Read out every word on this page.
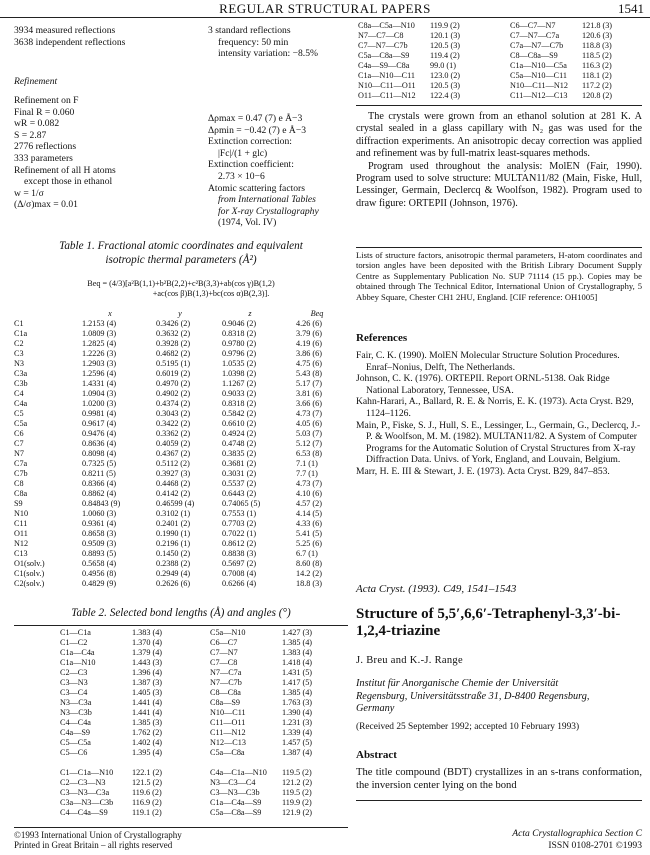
REGULAR STRUCTURAL PAPERS	1541
3934 measured reflections
3638 independent reflections
3 standard reflections
frequency: 50 min
intensity variation: −8.5%
Refinement
Refinement on F
Final R = 0.060
wR = 0.082
S = 2.87
2776 reflections
333 parameters
Refinement of all H atoms
except those in ethanol
w = 1/σ
(Δ/σ)max = 0.01
Δρmax = 0.47 (7) e Å−3
Δρmin = −0.42 (7) e Å−3
Extinction correction:
|Fc|/(1 + glc)
Extinction coefficient:
2.73 × 10−6
Atomic scattering factors
from International Tables
for X-ray Crystallography
(1974, Vol. IV)
Table 1. Fractional atomic coordinates and equivalent
isotropic thermal parameters (Å²)
Beq = (4/3)[a²B(1,1)+b²B(2,2)+c²B(3,3)+ab(cos γ)B(1,2)
+ac(cos β)B(1,3)+bc(cos α)B(2,3)].
	x	y	z	Beq
C1	1.2153 (4)	0.3426 (2)	0.9046 (2)	4.26 (6)
C1a	1.0809 (3)	0.3632 (2)	0.8318 (2)	3.79 (6)
C2	1.2825 (4)	0.3928 (2)	0.9780 (2)	4.19 (6)
C3	1.2226 (3)	0.4682 (2)	0.9796 (2)	3.86 (6)
N3	1.2903 (3)	0.5195 (1)	1.0535 (2)	4.75 (6)
C3a	1.2596 (4)	0.6019 (2)	1.0398 (2)	5.43 (8)
C3b	1.4331 (4)	0.4970 (2)	1.1267 (2)	5.17 (7)
C4	1.0904 (3)	0.4902 (2)	0.9033 (2)	3.81 (6)
C4a	1.0200 (3)	0.4374 (2)	0.8318 (2)	3.66 (6)
C5	0.9981 (4)	0.3043 (2)	0.5842 (2)	4.73 (7)
C5a	0.9617 (4)	0.3422 (2)	0.6610 (2)	4.05 (6)
C6	0.9476 (4)	0.3362 (2)	0.4924 (2)	5.03 (7)
C7	0.8636 (4)	0.4059 (2)	0.4748 (2)	5.12 (7)
N7	0.8098 (4)	0.4367 (2)	0.3835 (2)	6.53 (8)
C7a	0.7325 (5)	0.5112 (2)	0.3681 (2)	7.1 (1)
C7b	0.8211 (5)	0.3927 (3)	0.3031 (2)	7.7 (1)
C8	0.8366 (4)	0.4468 (2)	0.5537 (2)	4.73 (7)
C8a	0.8862 (4)	0.4142 (2)	0.6443 (2)	4.10 (6)
S9	0.84843 (9)	0.46599 (4)	0.74065 (5)	4.57 (2)
N10	1.0060 (3)	0.3102 (1)	0.7553 (1)	4.14 (5)
C11	0.9361 (4)	0.2401 (2)	0.7703 (2)	4.33 (6)
O11	0.8658 (3)	0.1990 (1)	0.7022 (1)	5.41 (5)
N12	0.9509 (3)	0.2196 (1)	0.8612 (2)	5.25 (6)
C13	0.8893 (5)	0.1450 (2)	0.8838 (3)	6.7 (1)
O1(solv.)	0.5658 (4)	0.2388 (2)	0.5697 (2)	8.60 (8)
C1(solv.)	0.4956 (8)	0.2949 (4)	0.7008 (4)	14.2 (2)
C2(solv.)	0.4829 (9)	0.2626 (6)	0.6266 (4)	18.8 (3)
Table 2. Selected bond lengths (Å) and angles (°)
C1—C1a	1.383 (4)
C1—C2	1.370 (4)
C1a—C4a	1.379 (4)
C1a—N10	1.443 (3)
C2—C3	1.396 (4)
C3—N3	1.387 (3)
C3—C4	1.405 (3)
N3—C3a	1.441 (4)
N3—C3b	1.441 (4)
C4—C4a	1.385 (3)
C4a—S9	1.762 (2)
C5—C5a	1.402 (4)
C5—C6	1.395 (4)
C5a—N10	1.427 (3)
C6—C7	1.385 (4)
C7—N7	1.383 (4)
C7—C8	1.418 (4)
N7—C7a	1.431 (5)
N7—C7b	1.417 (5)
C8—C8a	1.385 (4)
C8a—S9	1.763 (3)
N10—C11	1.390 (4)
C11—O11	1.231 (3)
C11—N12	1.339 (4)
N12—C13	1.457 (5)
C5a—C8a	1.387 (4)
C1—C1a—N10	122.1 (2)
C2—C3—N3	121.5 (2)
C3—N3—C3a	119.6 (2)
C3a—N3—C3b	116.9 (2)
C4—C4a—S9	119.1 (2)
C4a—C1a—N10	119.5 (2)
N3—C3—C4	121.2 (2)
C3—N3—C3b	119.5 (2)
C1a—C4a—S9	119.9 (2)
C5a—C8a—S9	121.9 (2)
©1993 International Union of Crystallography
Printed in Great Britain – all rights reserved
C8a—C5a—N10	119.9 (2)
N7—C7—C8	120.1 (3)
C7—N7—C7b	120.5 (3)
C5a—C8a—S9	119.4 (2)
C4a—S9—C8a	99.0 (1)
C1a—N10—C11	123.0 (2)
N10—C11—O11	120.5 (3)
O11—C11—N12	122.4 (3)
C6—C7—N7	121.8 (3)
C7—N7—C7a	120.6 (3)
C7a—N7—C7b	118.8 (3)
C8—C8a—S9	118.5 (2)
C1a—N10—C5a	116.3 (2)
C5a—N10—C11	118.1 (2)
N10—C11—N12	117.2 (2)
C11—N12—C13	120.8 (2)
The crystals were grown from an ethanol solution at 281 K. A crystal sealed in a glass capillary with N₂ gas was used for the diffraction experiments. An anisotropic decay correction was applied and refinement was by full-matrix least-squares methods.
Program used throughout the analysis: MolEN (Fair, 1990). Program used to solve structure: MULTAN11/82 (Main, Fiske, Hull, Lessinger, Germain, Declercq & Woolfson, 1982). Program used to draw figure: ORTEPII (Johnson, 1976).
Lists of structure factors, anisotropic thermal parameters, H-atom coordinates and torsion angles have been deposited with the British Library Document Supply Centre as Supplementary Publication No. SUP 71114 (15 pp.). Copies may be obtained through The Technical Editor, International Union of Crystallography, 5 Abbey Square, Chester CH1 2HU, England. [CIF reference: OH1005]
References
Fair, C. K. (1990). MolEN Molecular Structure Solution Procedures. Enraf–Nonius, Delft, The Netherlands.
Johnson, C. K. (1976). ORTEPII. Report ORNL-5138. Oak Ridge National Laboratory, Tennessee, USA.
Kahn-Harari, A., Ballard, R. E. & Norris, E. K. (1973). Acta Cryst. B29, 1124–1126.
Main, P., Fiske, S. J., Hull, S. E., Lessinger, L., Germain, G., Declercq, J.-P. & Woolfson, M. M. (1982). MULTAN11/82. A System of Computer Programs for the Automatic Solution of Crystal Structures from X-ray Diffraction Data. Univs. of York, England, and Louvain, Belgium.
Marr, H. E. III & Stewart, J. E. (1973). Acta Cryst. B29, 847–853.
Acta Cryst. (1993). C49, 1541–1543
Structure of 5,5′,6,6′-Tetraphenyl-3,3′-bi-
1,2,4-triazine
J. Breu and K.-J. Range
Institut für Anorganische Chemie der Universität
Regensburg, Universitätsstraße 31, D-8400 Regensburg,
Germany
(Received 25 September 1992; accepted 10 February 1993)
Abstract
The title compound (BDT) crystallizes in an s-trans conformation, the inversion center lying on the bond
Acta Crystallographica Section C
ISSN 0108-2701 ©1993
